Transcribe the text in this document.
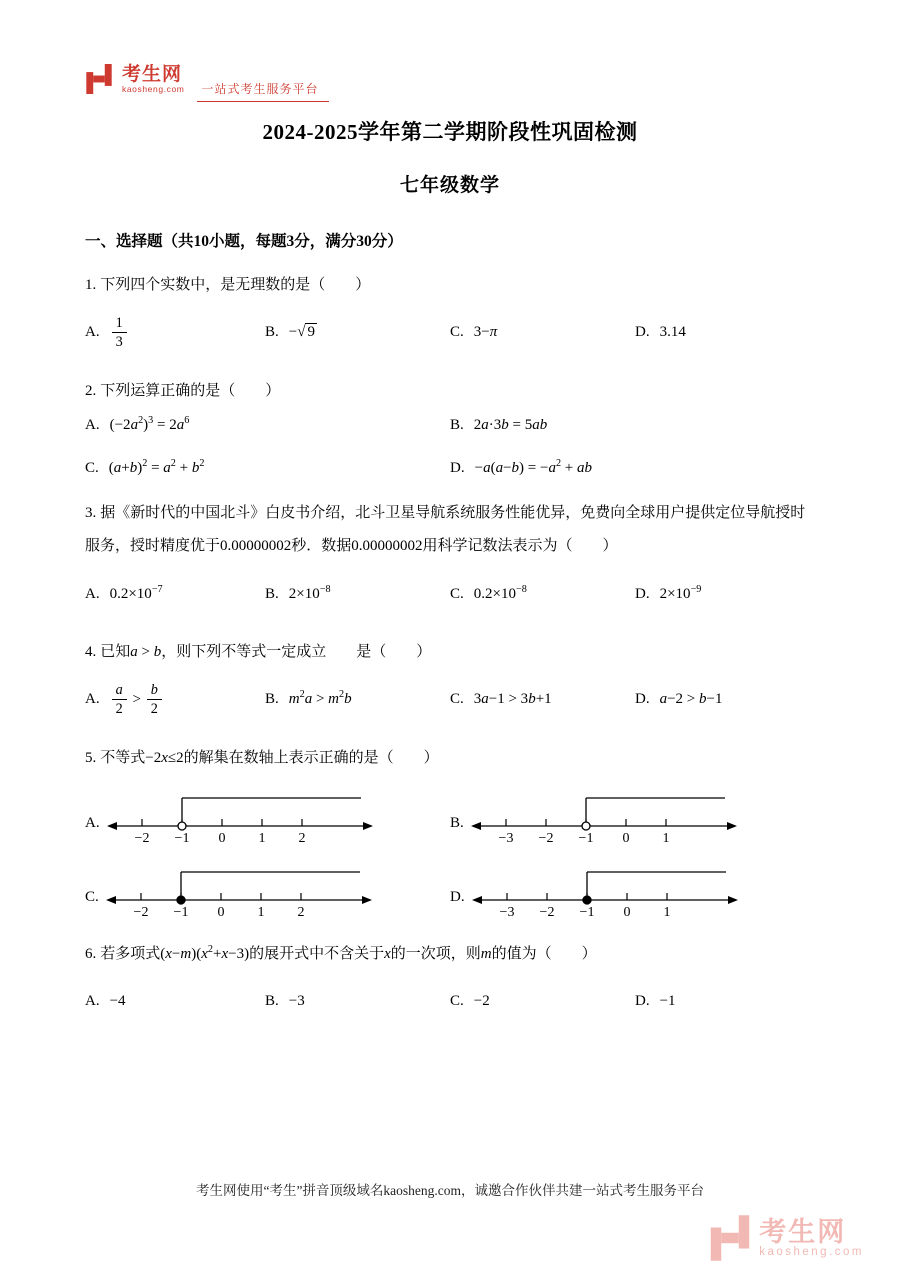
考生网
kaosheng.com	一站式考生服务平台
2024-2025学年第二学期阶段性巩固检测
七年级数学
一、选择题（共10小题，每题3分，满分30分）

1. 下列四个实数中，是无理数的是（  ）

A. $\frac{1}{3}$	B. −√ 9	C. 3−π	D. 3.14

2. 下列运算正确的是（  ）

A. $(-2a^2)^3 = 2a^6$	B. 2a·3b = 5ab
C. $(a+b)^2 = a^2 + b^2$	D. $-a(a-b) = -a^2$ + ab

3. 据《新时代的中国北斗》白皮书介绍，北斗卫星导航系统服务性能优异，免费向全球用户提供定位导航授时服务，授时精度优于0.00000002秒．数据0.00000002用科学记数法表示为（  ）

A. $0.2\times 10^{-7}$	B. $2\times 10^{-8}$	C. $0.2\times 10^{-8}$	D. $2\times 10^{-9}$

4. 已知a > b，则下列不等式一定成立  是（  ）

A. $\frac{a}{2} > \frac{b}{2}$	B. $m^2a > m^2b$	C. 3a−1 > 3b+1	D. a−2 > b−1

5. 不等式−2x≤2的解集在数轴上表示正确的是（  ）

A.
−2 −1 0 1 2
B.
−3 −2 −1 0 1
C.
−2 −1 0 1 2
D.
−3 −2 −1 0 1

6. 若多项式$(x-m)(x^2+x-3)$的展开式中不含关于x的一次项，则m的值为（  ）

A. −4	B. −3	C. −2	D. −1
考生网使用“考生”拼音顶级域名kaosheng.com，诚邀合作伙伴共建一站式考生服务平台
考生网
kaosheng.com
